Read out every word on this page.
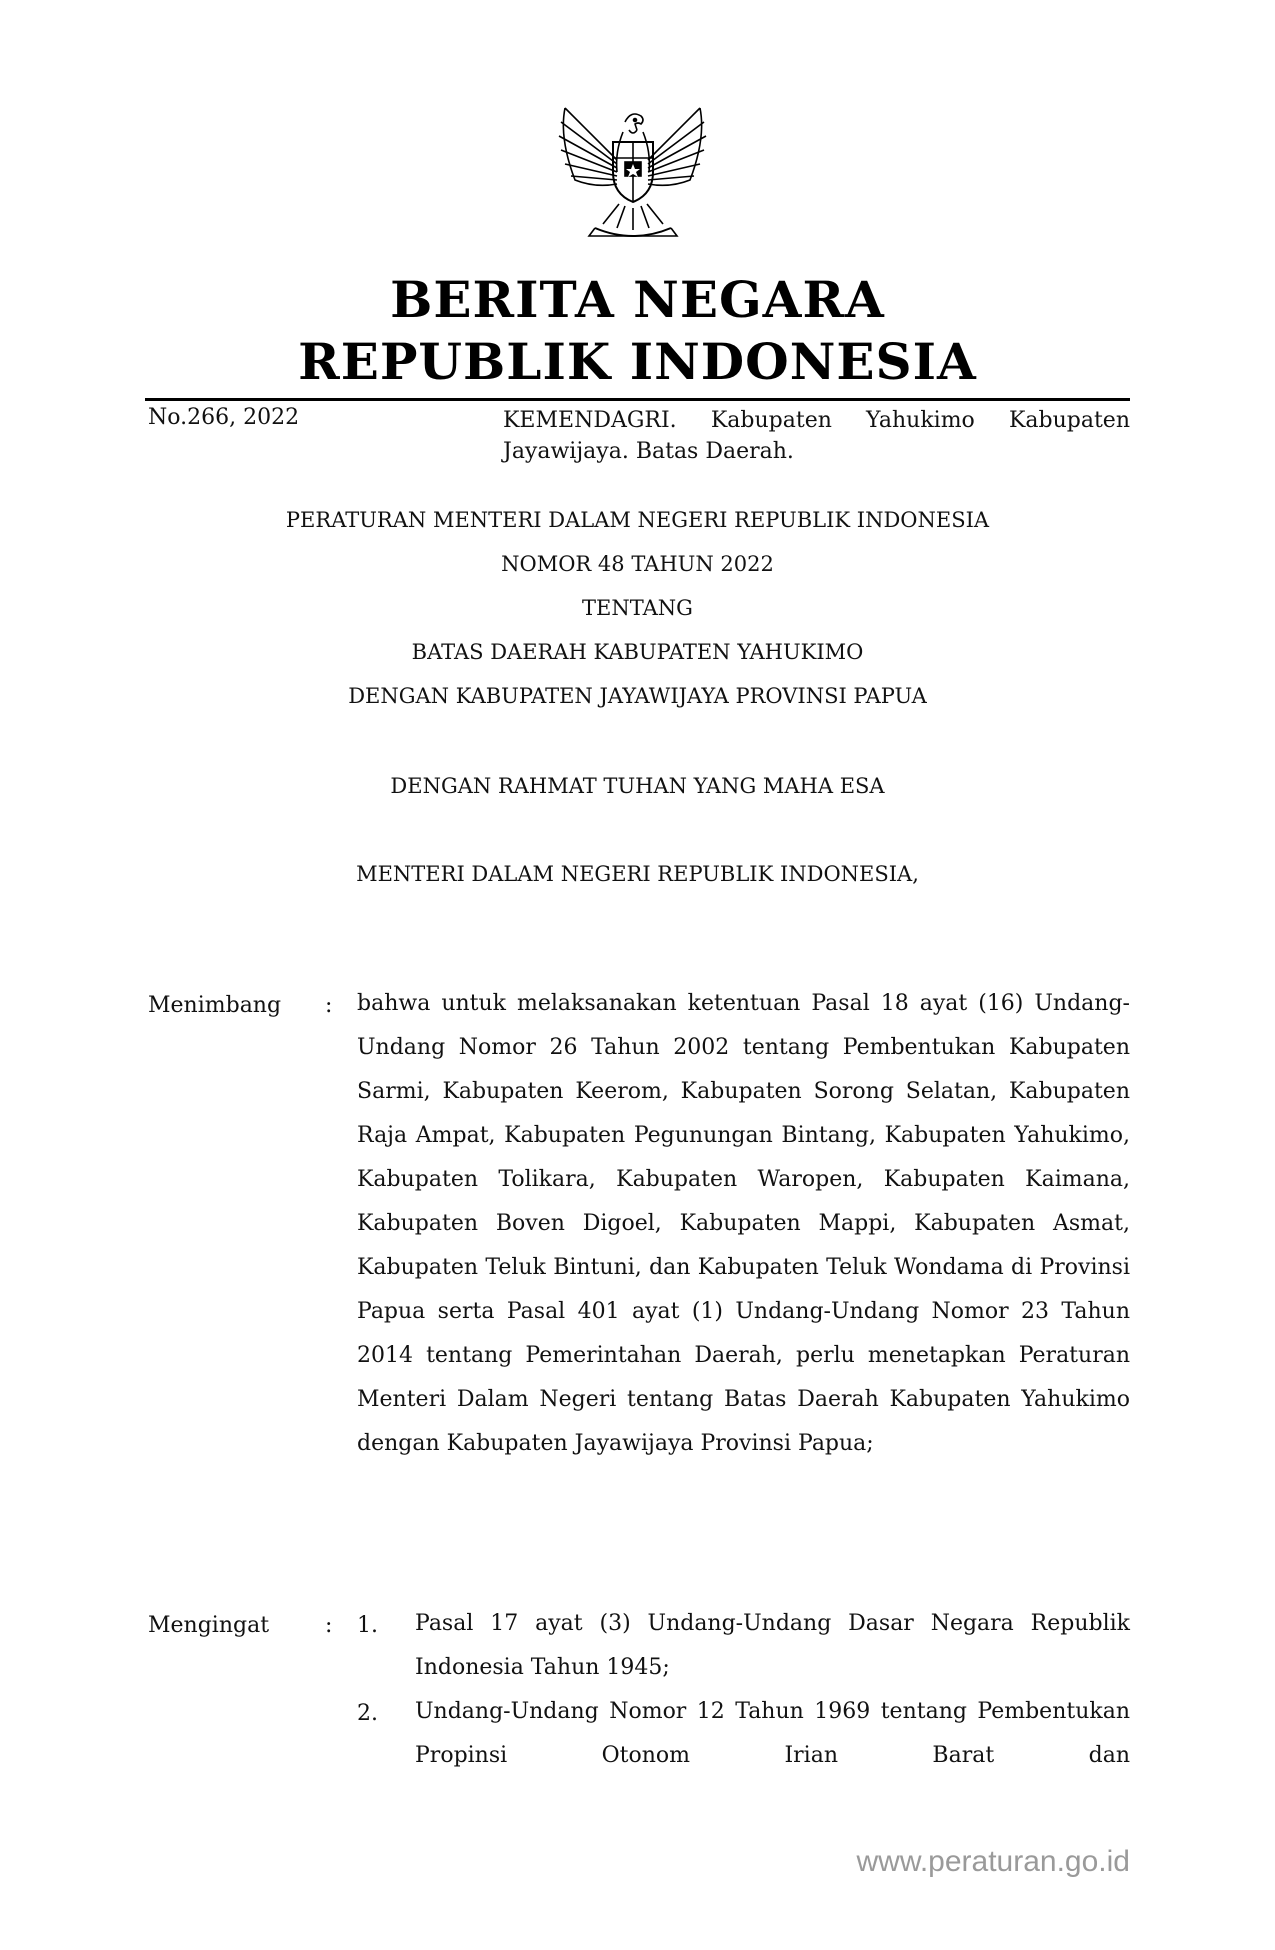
BERITA NEGARA
REPUBLIK INDONESIA
No.266, 2022	KEMENDAGRI. Kabupaten Yahukimo Kabupaten Jayawijaya. Batas Daerah.
PERATURAN MENTERI DALAM NEGERI REPUBLIK INDONESIA
NOMOR 48 TAHUN 2022
TENTANG
BATAS DAERAH KABUPATEN YAHUKIMO
DENGAN KABUPATEN JAYAWIJAYA PROVINSI PAPUA
DENGAN RAHMAT TUHAN YANG MAHA ESA
MENTERI DALAM NEGERI REPUBLIK INDONESIA,
Menimbang : bahwa untuk melaksanakan ketentuan Pasal 18 ayat (16) Undang-Undang Nomor 26 Tahun 2002 tentang Pembentukan Kabupaten Sarmi, Kabupaten Keerom, Kabupaten Sorong Selatan, Kabupaten Raja Ampat, Kabupaten Pegunungan Bintang, Kabupaten Yahukimo, Kabupaten Tolikara, Kabupaten Waropen, Kabupaten Kaimana, Kabupaten Boven Digoel, Kabupaten Mappi, Kabupaten Asmat, Kabupaten Teluk Bintuni, dan Kabupaten Teluk Wondama di Provinsi Papua serta Pasal 401 ayat (1) Undang-Undang Nomor 23 Tahun 2014 tentang Pemerintahan Daerah, perlu menetapkan Peraturan Menteri Dalam Negeri tentang Batas Daerah Kabupaten Yahukimo dengan Kabupaten Jayawijaya Provinsi Papua;
Mengingat	: 1. Pasal 17 ayat (3) Undang-Undang Dasar Negara Republik Indonesia Tahun 1945;
2. Undang-Undang Nomor 12 Tahun 1969 tentang Pembentukan Propinsi Otonom Irian Barat dan
www.peraturan.go.id
